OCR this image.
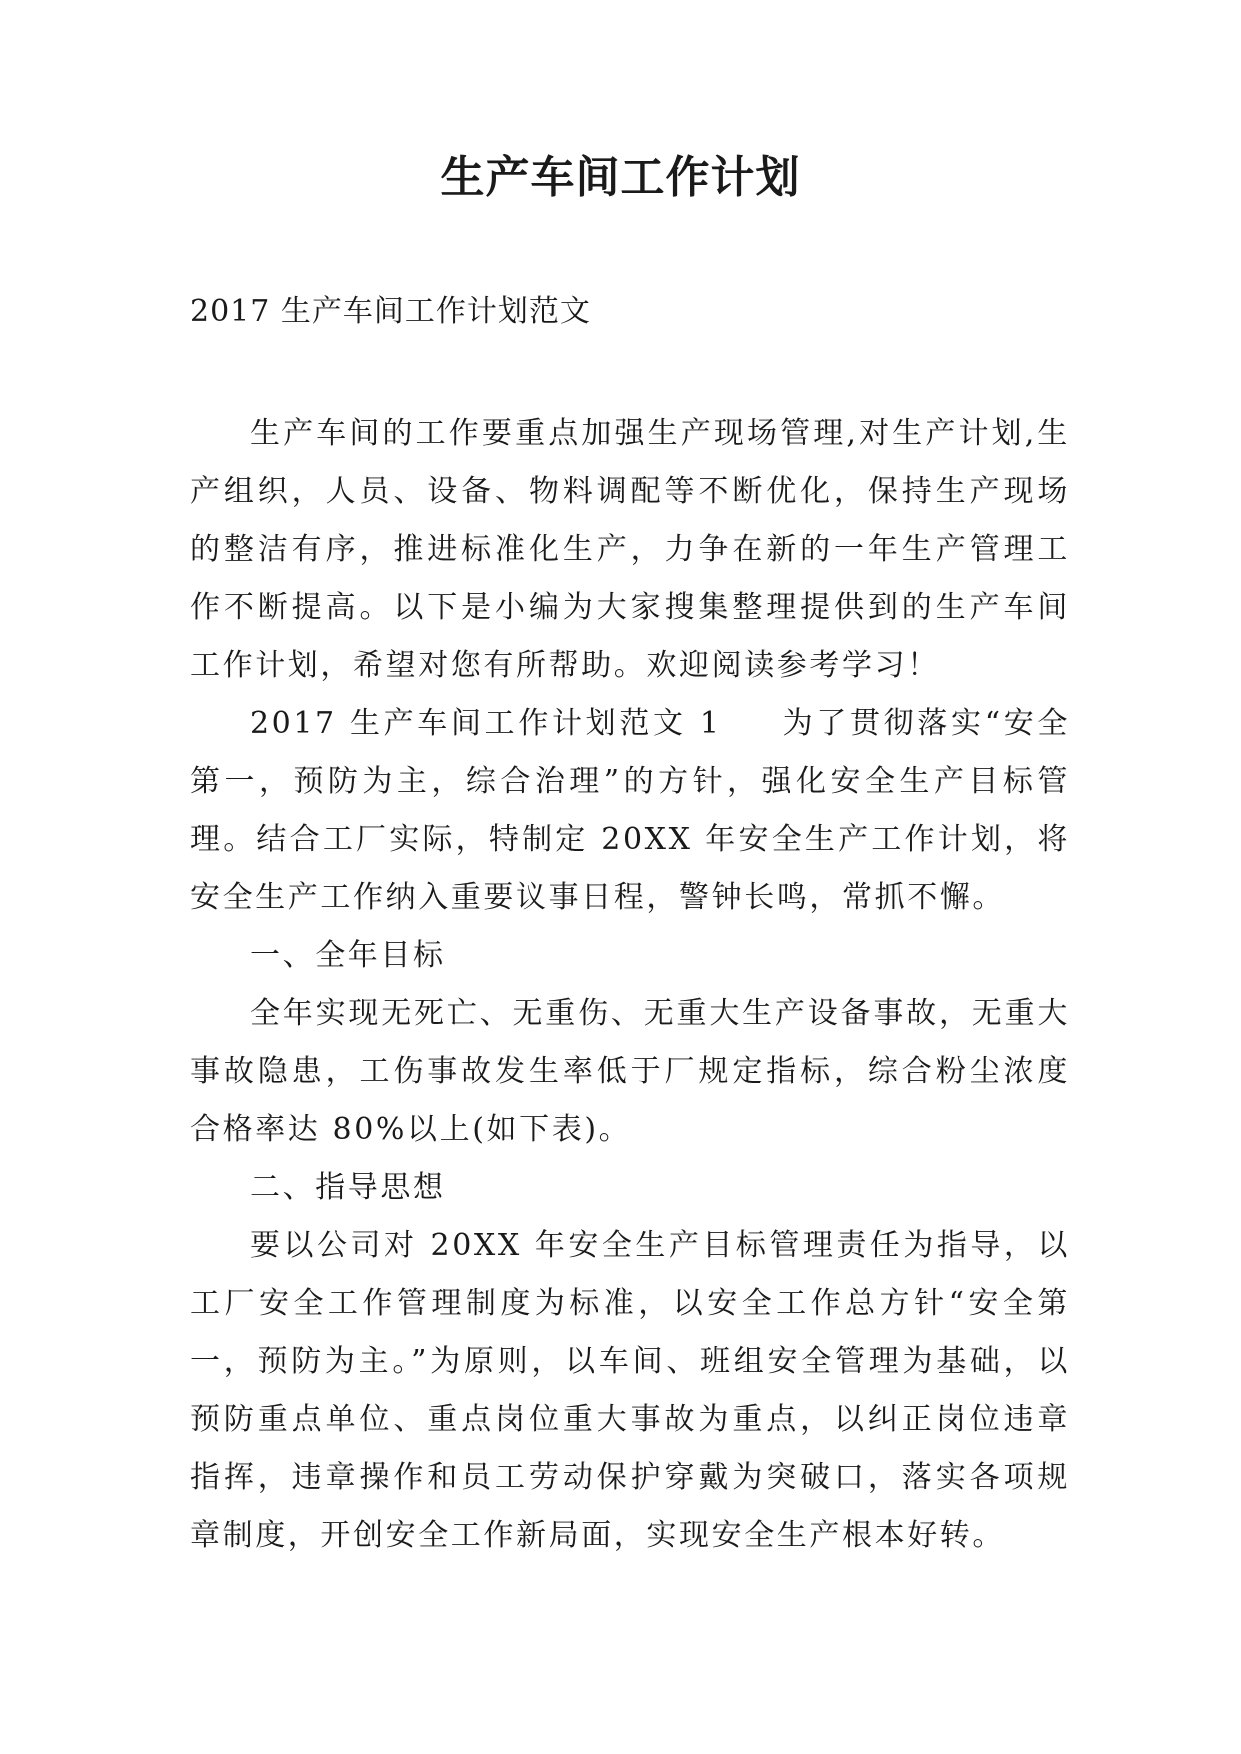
生产车间工作计划
2017 生产车间工作计划范文

生产车间的工作要重点加强生产现场管理,对生产计划,生产组织，人员、设备、物料调配等不断优化，保持生产现场的整洁有序，推进标准化生产，力争在新的一年生产管理工作不断提高。以下是小编为大家搜集整理提供到的生产车间工作计划，希望对您有所帮助。欢迎阅读参考学习！

2017 生产车间工作计划范文 1 为了贯彻落实“安全第一，预防为主，综合治理”的方针，强化安全生产目标管理。结合工厂实际，特制定 20XX 年安全生产工作计划，将安全生产工作纳入重要议事日程，警钟长鸣，常抓不懈。

一、全年目标

全年实现无死亡、无重伤、无重大生产设备事故，无重大事故隐患，工伤事故发生率低于厂规定指标，综合粉尘浓度合格率达 80%以上(如下表)。

二、指导思想

要以公司对 20XX 年安全生产目标管理责任为指导，以工厂安全工作管理制度为标准，以安全工作总方针“安全第一，预防为主。”为原则，以车间、班组安全管理为基础，以预防重点单位、重点岗位重大事故为重点，以纠正岗位违章指挥，违章操作和员工劳动保护穿戴为突破口，落实各项规章制度，开创安全工作新局面，实现安全生产根本好转。
